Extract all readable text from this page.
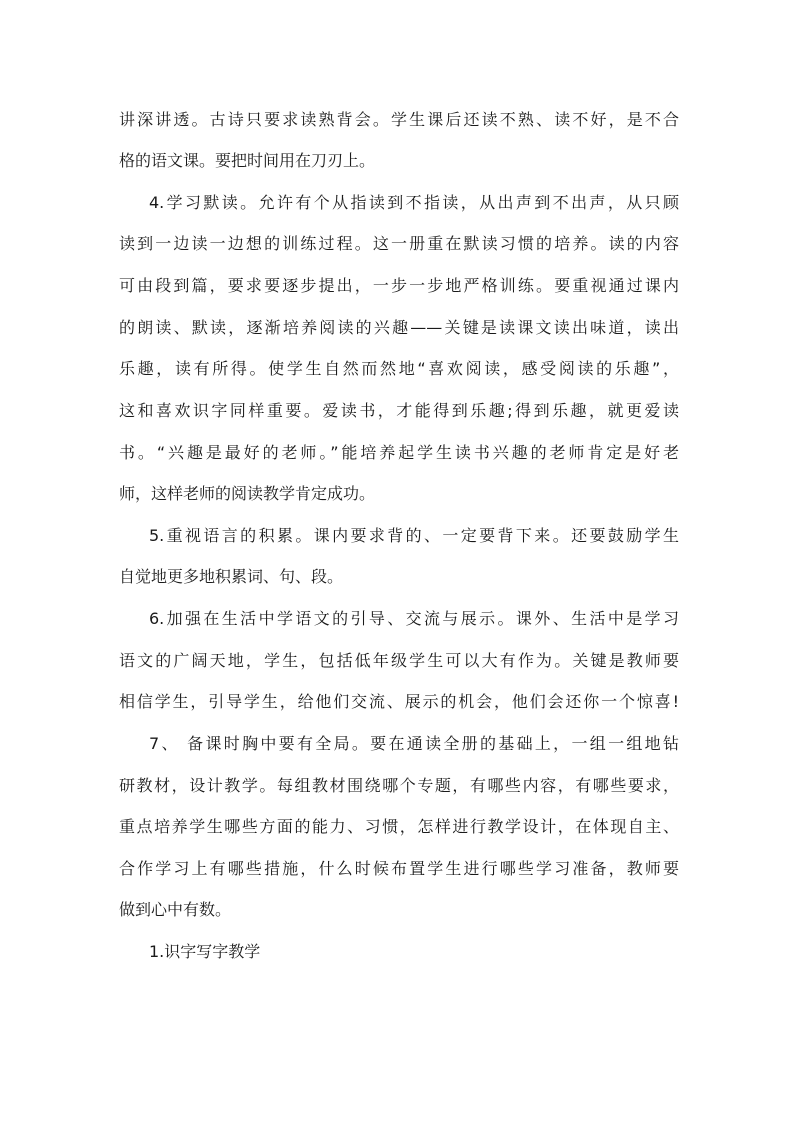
讲深讲透。古诗只要求读熟背会。学生课后还读不熟、读不好，是不合
格的语文课。要把时间用在刀刃上。
4.学习默读。允许有个从指读到不指读，从出声到不出声，从只顾
读到一边读一边想的训练过程。这一册重在默读习惯的培养。读的内容
可由段到篇，要求要逐步提出，一步一步地严格训练。要重视通过课内
的朗读、默读，逐渐培养阅读的兴趣——关键是读课文读出味道，读出
乐趣，读有所得。使学生自然而然地“喜欢阅读，感受阅读的乐趣”，
这和喜欢识字同样重要。爱读书，才能得到乐趣;得到乐趣，就更爱读
书。“兴趣是最好的老师。”能培养起学生读书兴趣的老师肯定是好老
师，这样老师的阅读教学肯定成功。
5.重视语言的积累。课内要求背的、一定要背下来。还要鼓励学生
自觉地更多地积累词、句、段。
6.加强在生活中学语文的引导、交流与展示。课外、生活中是学习
语文的广阔天地，学生，包括低年级学生可以大有作为。关键是教师要
相信学生，引导学生，给他们交流、展示的机会，他们会还你一个惊喜!
7、 备课时胸中要有全局。要在通读全册的基础上，一组一组地钻
研教材，设计教学。每组教材围绕哪个专题，有哪些内容，有哪些要求，
重点培养学生哪些方面的能力、习惯，怎样进行教学设计，在体现自主、
合作学习上有哪些措施，什么时候布置学生进行哪些学习准备，教师要
做到心中有数。
1.识字写字教学
